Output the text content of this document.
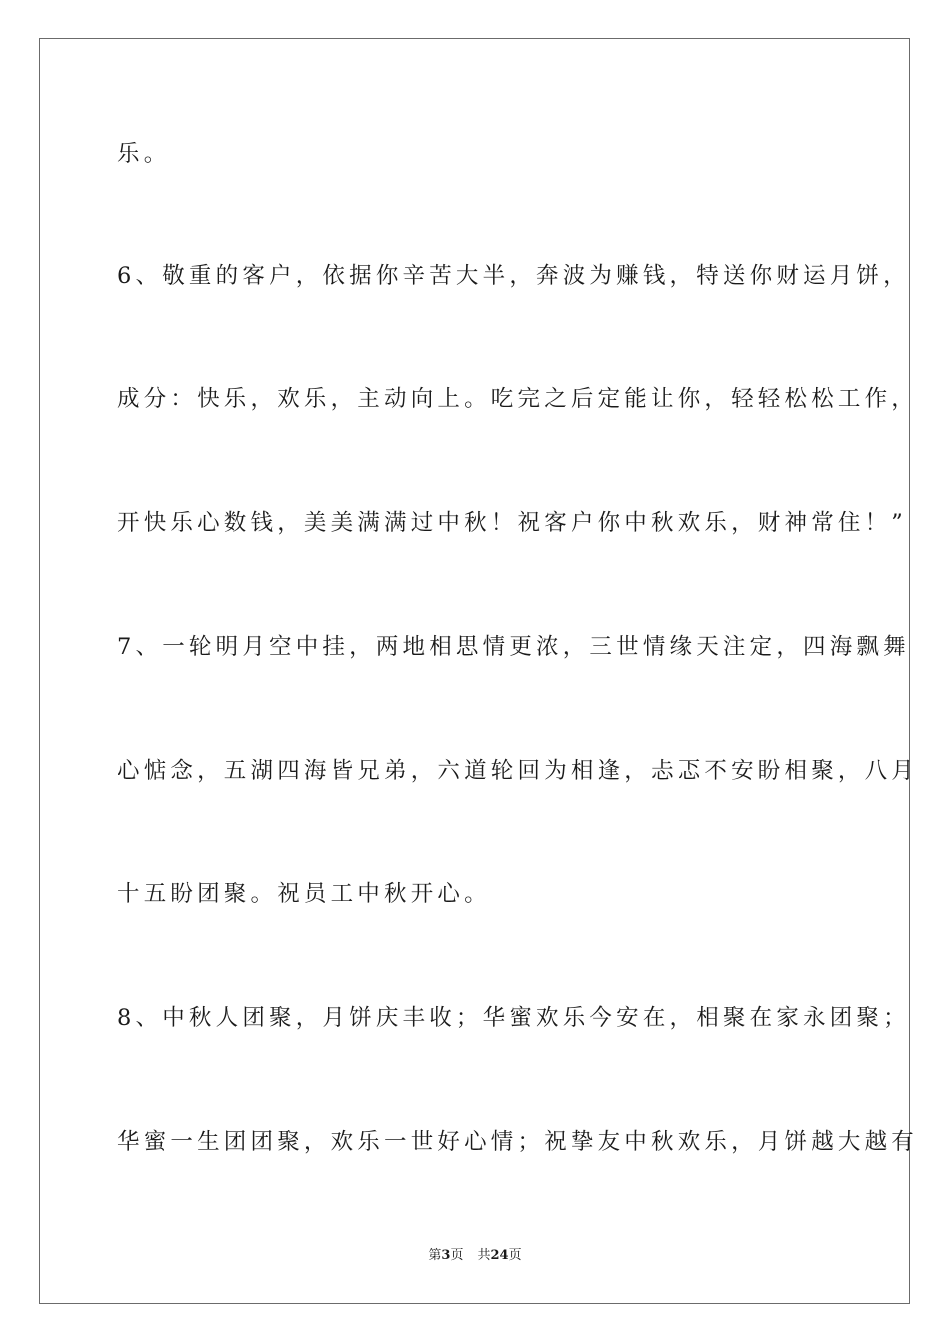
乐。
6、敬重的客户，依据你辛苦大半，奔波为赚钱，特送你财运月饼，
成分：快乐，欢乐，主动向上。吃完之后定能让你，轻轻松松工作，
开快乐心数钱，美美满满过中秋！祝客户你中秋欢乐，财神常住！”
7、一轮明月空中挂，两地相思情更浓，三世情缘天注定，四海飘舞
心惦念，五湖四海皆兄弟，六道轮回为相逢，忐忑不安盼相聚，八月
十五盼团聚。祝员工中秋开心。
8、中秋人团聚，月饼庆丰收；华蜜欢乐今安在，相聚在家永团聚；
华蜜一生团团聚，欢乐一世好心情；祝挚友中秋欢乐，月饼越大越有
第3页 共24页
